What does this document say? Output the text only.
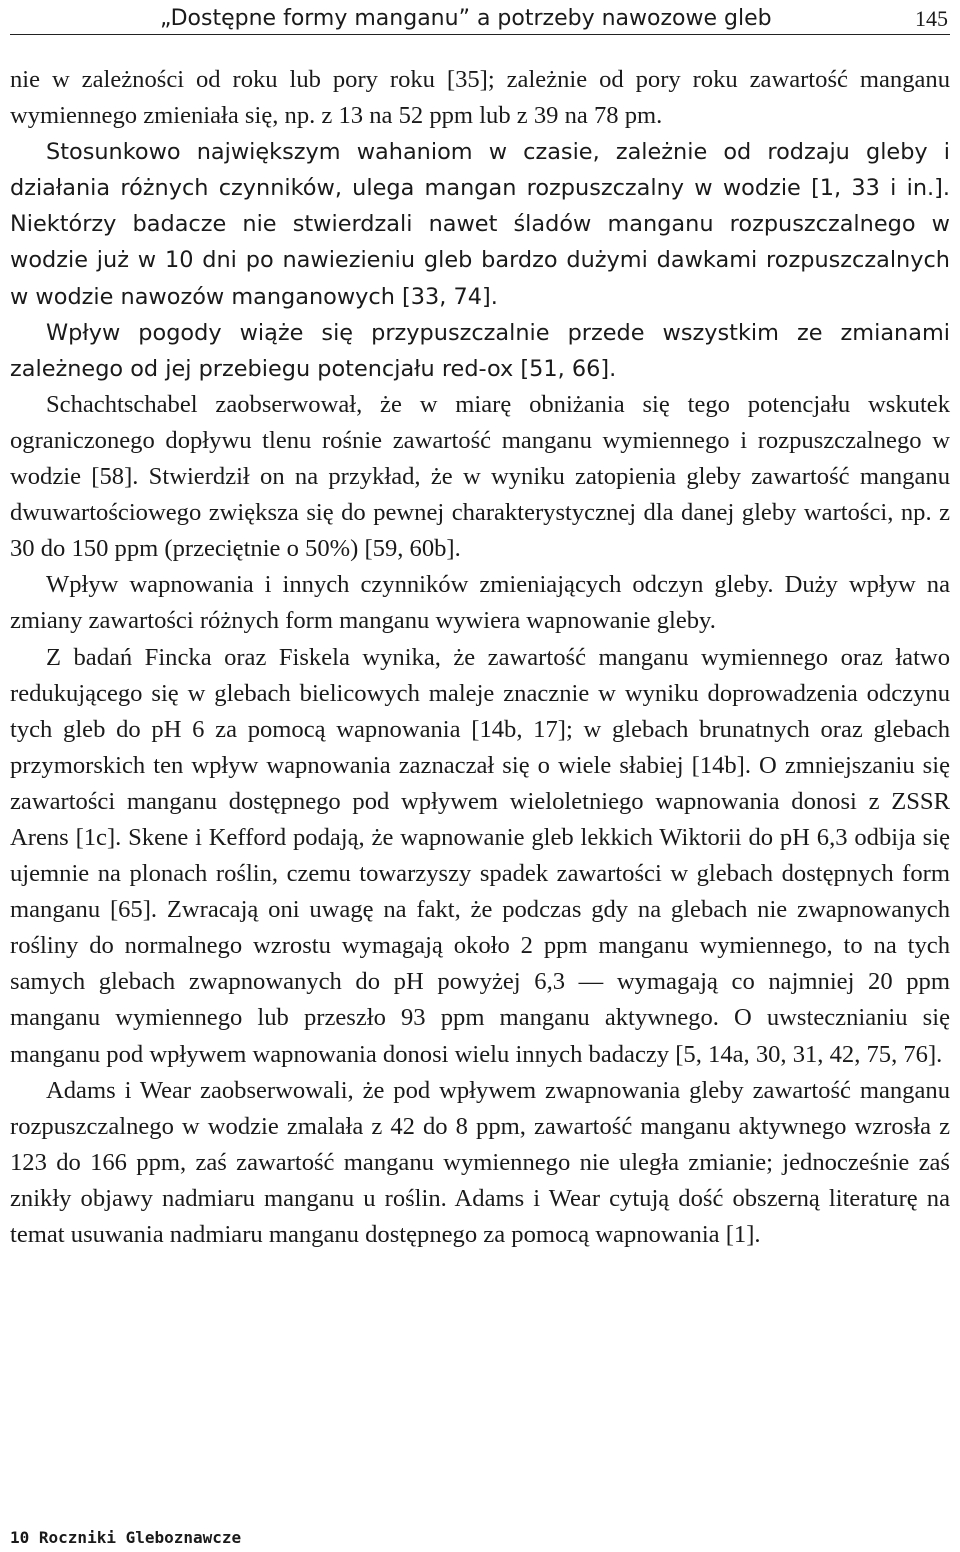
„Dostępne formy manganu” a potrzeby nawozowe gleb	145

nie w zależności od roku lub pory roku [35]; zależnie od pory roku zawartość manganu wymiennego zmieniała się, np. z 13 na 52 ppm lub z 39 na 78 pm.

Stosunkowo największym wahaniom w czasie, zależnie od rodzaju gleby i działania różnych czynników, ulega mangan rozpuszczalny w wodzie [1, 33 i in.]. Niektórzy badacze nie stwierdzali nawet śladów manganu rozpuszczalnego w wodzie już w 10 dni po nawiezieniu gleb bardzo dużymi dawkami rozpuszczalnych w wodzie nawozów manganowych [33, 74].

Wpływ pogody wiąże się przypuszczalnie przede wszystkim ze zmianami zależnego od jej przebiegu potencjału red-ox [51, 66].

Schachtschabel zaobserwował, że w miarę obniżania się tego potencjału wskutek ograniczonego dopływu tlenu rośnie zawartość manganu wymiennego i rozpuszczalnego w wodzie [58]. Stwierdził on na przykład, że w wyniku zatopienia gleby zawartość manganu dwuwartościowego zwiększa się do pewnej charakterystycznej dla danej gleby wartości, np. z 30 do 150 ppm (przeciętnie o 50%) [59, 60b].

Wpływ wapnowania i innych czynników zmieniających odczyn gleby. Duży wpływ na zmiany zawartości różnych form manganu wywiera wapnowanie gleby.

Z badań Fincka oraz Fiskela wynika, że zawartość manganu wymiennego oraz łatwo redukującego się w glebach bielicowych maleje znacznie w wyniku doprowadzenia odczynu tych gleb do pH 6 za pomocą wapnowania [14b, 17]; w glebach brunatnych oraz glebach przymorskich ten wpływ wapnowania zaznaczał się o wiele słabiej [14b]. O zmniejszaniu się zawartości manganu dostępnego pod wpływem wieloletniego wapnowania donosi z ZSSR Arens [1c]. Skene i Kefford podają, że wapnowanie gleb lekkich Wiktorii do pH 6,3 odbija się ujemnie na plonach roślin, czemu towarzyszy spadek zawartości w glebach dostępnych form manganu [65]. Zwracają oni uwagę na fakt, że podczas gdy na glebach nie zwapnowanych rośliny do normalnego wzrostu wymagają około 2 ppm manganu wymiennego, to na tych samych glebach zwapnowanych do pH powyżej 6,3 — wymagają co najmniej 20 ppm manganu wymiennego lub przeszło 93 ppm manganu aktywnego. O uwstecznianiu się manganu pod wpływem wapnowania donosi wielu innych badaczy [5, 14a, 30, 31, 42, 75, 76].

Adams i Wear zaobserwowali, że pod wpływem zwapnowania gleby zawartość manganu rozpuszczalnego w wodzie zmalała z 42 do 8 ppm, zawartość manganu aktywnego wzrosła z 123 do 166 ppm, zaś zawartość manganu wymiennego nie uległa zmianie; jednocześnie zaś znikły objawy nadmiaru manganu u roślin. Adams i Wear cytują dość obszerną literaturę na temat usuwania nadmiaru manganu dostępnego za pomocą wapnowania [1].

10 Roczniki Gleboznawcze
